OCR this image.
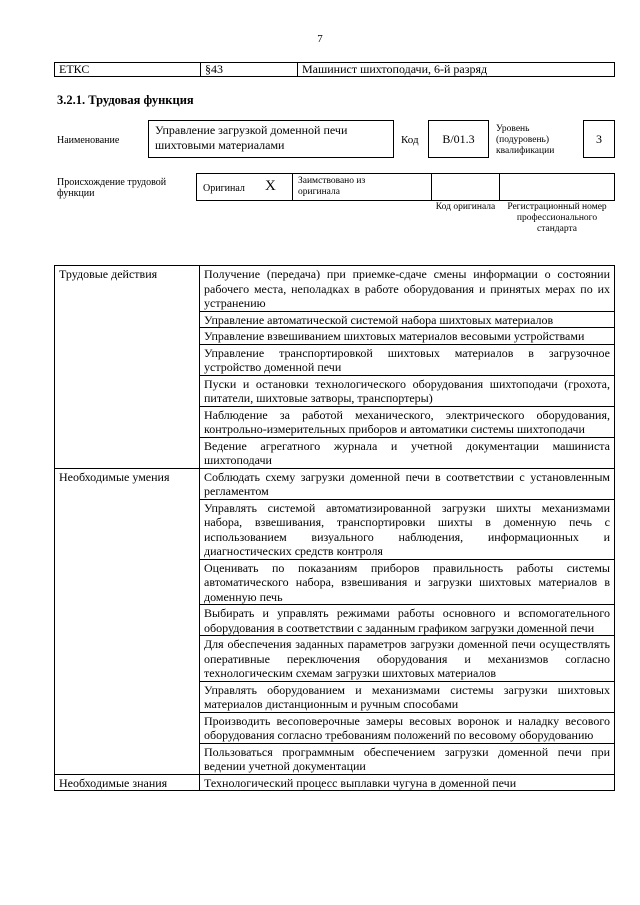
7
ЕТКС	§43	Машинист шихтоподачи, 6-й разряд
3.2.1. Трудовая функция
Наименование
Управление загрузкой доменной печи шихтовыми материалами	Код	В/01.3
Уровень (подуровень) квалификации
3
Происхождение трудовой функции	Оригинал X Заимствовано из оригинала
Код оригинала	Регистрационный номер профессионального стандарта
Трудовые действия	Получение (передача) при приемке-сдаче смены информации о состоянии рабочего места, неполадках в работе оборудования и принятых мерах по их устранению
	Управление автоматической системой набора шихтовых материалов
	Управление взвешиванием шихтовых материалов весовыми устройствами
	Управление транспортировкой шихтовых материалов в загрузочное устройство доменной печи
	Пуски и остановки технологического оборудования шихтоподачи (грохота, питатели, шихтовые затворы, транспортеры)
	Наблюдение за работой механического, электрического оборудования, контрольно-измерительных приборов и автоматики системы шихтоподачи
	Ведение агрегатного журнала и учетной документации машиниста шихтоподачи
Необходимые умения	Соблюдать схему загрузки доменной печи в соответствии с установленным регламентом
	Управлять системой автоматизированной загрузки шихты механизмами набора, взвешивания, транспортировки шихты в доменную печь с использованием визуального наблюдения, информационных и диагностических средств контроля
	Оценивать по показаниям приборов правильность работы системы автоматического набора, взвешивания и загрузки шихтовых материалов в доменную печь
	Выбирать и управлять режимами работы основного и вспомогательного оборудования в соответствии с заданным графиком загрузки доменной печи
	Для обеспечения заданных параметров загрузки доменной печи осуществлять оперативные переключения оборудования и механизмов согласно технологическим схемам загрузки шихтовых материалов
	Управлять оборудованием и механизмами системы загрузки шихтовых материалов дистанционным и ручным способами
	Производить весоповерочные замеры весовых воронок и наладку весового оборудования согласно требованиям положений по весовому оборудованию
	Пользоваться программным обеспечением загрузки доменной печи при ведении учетной документации
Необходимые знания	Технологический процесс выплавки чугуна в доменной печи
